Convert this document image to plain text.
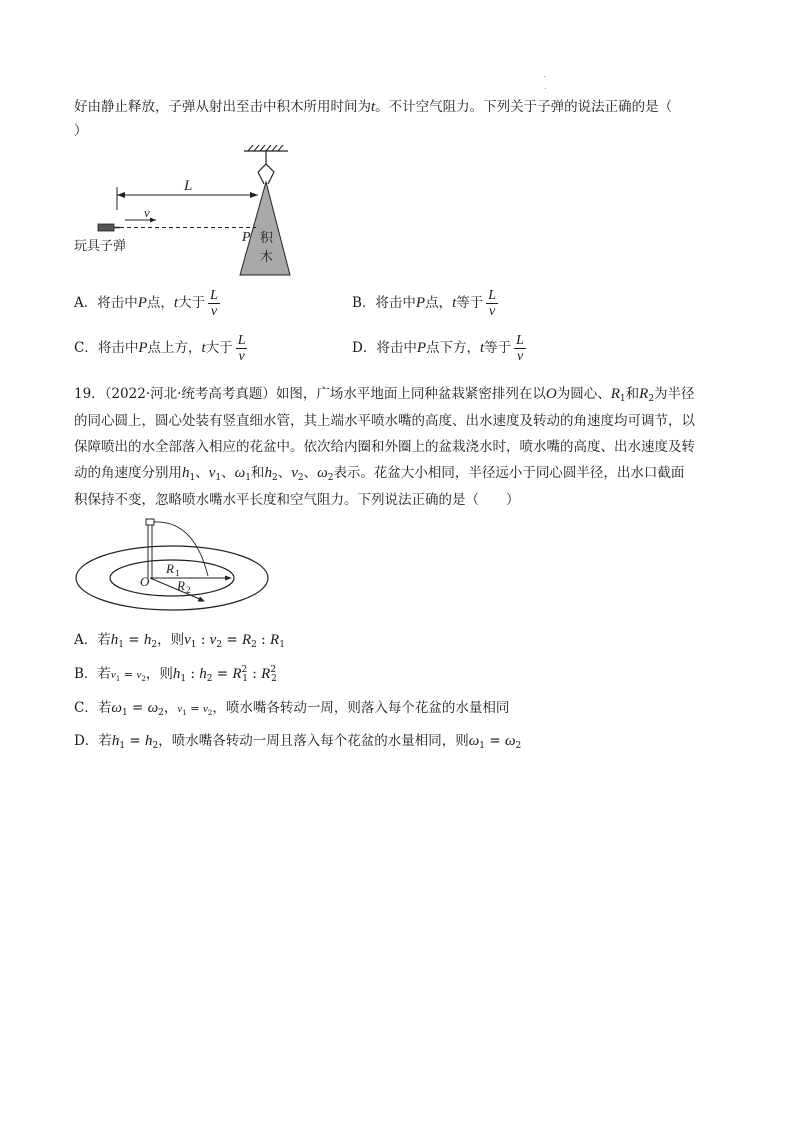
好由静止释放，子弹从射出至击中积木所用时间为t。不计空气阻力。下列关于子弹的说法正确的是（
）
L
v
P 积
木
玩具子弹
A．将击中P点，t大于 $\frac{L}{v}$	B．将击中P点，t等于 $\frac{L}{v}$
C．将击中P点上方，t大于 $\frac{L}{v}$	D．将击中P点下方，t等于 $\frac{L}{v}$
19．（2022·河北·统考高考真题）如图，广场水平地面上同种盆栽紧密排列在以O为圆心、$R_1$和$R_2$为半径
的同心圆上，圆心处装有竖直细水管，其上端水平喷水嘴的高度、出水速度及转动的角速度均可调节，以
保障喷出的水全部落入相应的花盆中。依次给内圈和外圈上的盆栽浇水时，喷水嘴的高度、出水速度及转
动的角速度分别用$h_1$、$v_1$、$\omega_1$和$h_2$、$v_2$、$\omega_2$表示。花盆大小相同，半径远小于同心圆半径，出水口截面
积保持不变，忽略喷水嘴水平长度和空气阻力。下列说法正确的是（　　）
O
R 1
R 2
A．若$h_1 = h_2$，则$v_1$ : $v_2 = R_2$ : $R_1$
B．若$v_1 = v_2$，则$h_1$ : $h_2 = R^2_1$ : $R^2_2$
C．若$\omega_1 = \omega_2$，$v_1 = v_2$，喷水嘴各转动一周，则落入每个花盆的水量相同
D．若$h_1 = h_2$，喷水嘴各转动一周且落入每个花盆的水量相同，则$\omega_1 = \omega_2$
